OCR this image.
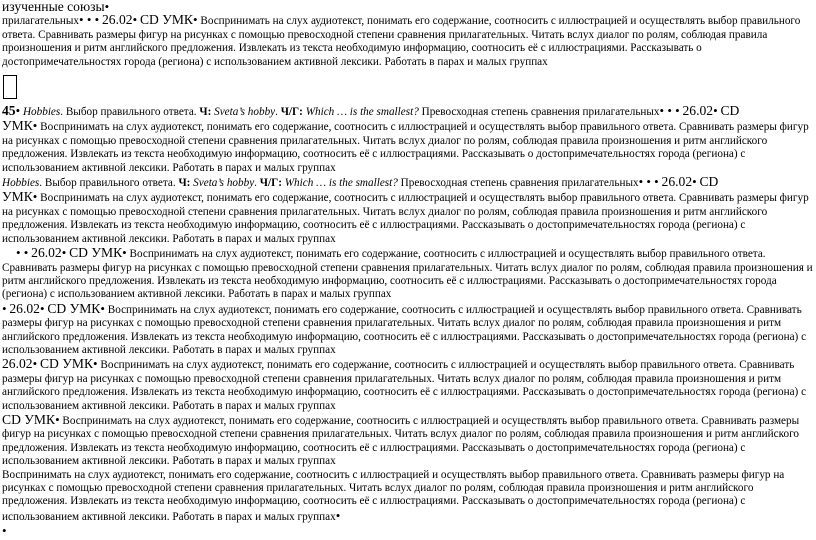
изученные союзы•

прилагательных• • • 26.02• CD УМК• Воспринимать на слух аудиотекст, понимать его содержание, соотносить с иллюстрацией и осуществлять выбор правильного ответа. Сравнивать размеры фигур на рисунках с помощью превосходной степени сравнения прилагательных. Читать вслух диалог по ролям, соблюдая правила произношения и ритм английского предложения. Извлекать из текста необходимую информацию, соотносить её с иллюстрациями. Рассказывать о достопримечательностях города (региона) с использованием активной лексики. Работать в парах и малых группах

45• Hobbies. Выбор правильного ответа. Ч: Sveta’s hobby. Ч/Г: Which … is the smallest? Превосходная степень сравнения прилагательных• • • 26.02• CD
УМК• Воспринимать на слух аудиотекст, понимать его содержание, соотносить с иллюстрацией и осуществлять выбор правильного ответа. Сравнивать размеры фигур на рисунках с помощью превосходной степени сравнения прилагательных. Читать вслух диалог по ролям, соблюдая правила произношения и ритм английского предложения. Извлекать из текста необходимую информацию, соотносить её с иллюстрациями. Рассказывать о достопримечательностях города (региона) с использованием активной лексики. Работать в парах и малых группах

Hobbies. Выбор правильного ответа. Ч: Sveta’s hobby. Ч/Г: Which … is the smallest? Превосходная степень сравнения прилагательных• • • 26.02• CD
УМК• Воспринимать на слух аудиотекст, понимать его содержание, соотносить с иллюстрацией и осуществлять выбор правильного ответа. Сравнивать размеры фигур на рисунках с помощью превосходной степени сравнения прилагательных. Читать вслух диалог по ролям, соблюдая правила произношения и ритм английского предложения. Извлекать из текста необходимую информацию, соотносить её с иллюстрациями. Рассказывать о достопримечательностях города (региона) с использованием активной лексики. Работать в парах и малых группах

• • 26.02• CD УМК• Воспринимать на слух аудиотекст, понимать его содержание, соотносить с иллюстрацией и осуществлять выбор правильного ответа. Сравнивать размеры фигур на рисунках с помощью превосходной степени сравнения прилагательных. Читать вслух диалог по ролям, соблюдая правила произношения и ритм английского предложения. Извлекать из текста необходимую информацию, соотносить её с иллюстрациями. Рассказывать о достопримечательностях города (региона) с использованием активной лексики. Работать в парах и малых группах

• 26.02• CD УМК• Воспринимать на слух аудиотекст, понимать его содержание, соотносить с иллюстрацией и осуществлять выбор правильного ответа. Сравнивать размеры фигур на рисунках с помощью превосходной степени сравнения прилагательных. Читать вслух диалог по ролям, соблюдая правила произношения и ритм английского предложения. Извлекать из текста необходимую информацию, соотносить её с иллюстрациями. Рассказывать о достопримечательностях города (региона) с использованием активной лексики. Работать в парах и малых группах

26.02• CD УМК• Воспринимать на слух аудиотекст, понимать его содержание, соотносить с иллюстрацией и осуществлять выбор правильного ответа. Сравнивать размеры фигур на рисунках с помощью превосходной степени сравнения прилагательных. Читать вслух диалог по ролям, соблюдая правила произношения и ритм английского предложения. Извлекать из текста необходимую информацию, соотносить её с иллюстрациями. Рассказывать о достопримечательностях города (региона) с использованием активной лексики. Работать в парах и малых группах

CD УМК• Воспринимать на слух аудиотекст, понимать его содержание, соотносить с иллюстрацией и осуществлять выбор правильного ответа. Сравнивать размеры фигур на рисунках с помощью превосходной степени сравнения прилагательных. Читать вслух диалог по ролям, соблюдая правила произношения и ритм английского предложения. Извлекать из текста необходимую информацию, соотносить её с иллюстрациями. Рассказывать о достопримечательностях города (региона) с использованием активной лексики. Работать в парах и малых группах

Воспринимать на слух аудиотекст, понимать его содержание, соотносить с иллюстрацией и осуществлять выбор правильного ответа. Сравнивать размеры фигур на рисунках с помощью превосходной степени сравнения прилагательных. Читать вслух диалог по ролям, соблюдая правила произношения и ритм английского предложения. Извлекать из текста необходимую информацию, соотносить её с иллюстрациями. Рассказывать о достопримечательностях города (региона) с использованием активной лексики. Работать в парах и малых группах•

•
